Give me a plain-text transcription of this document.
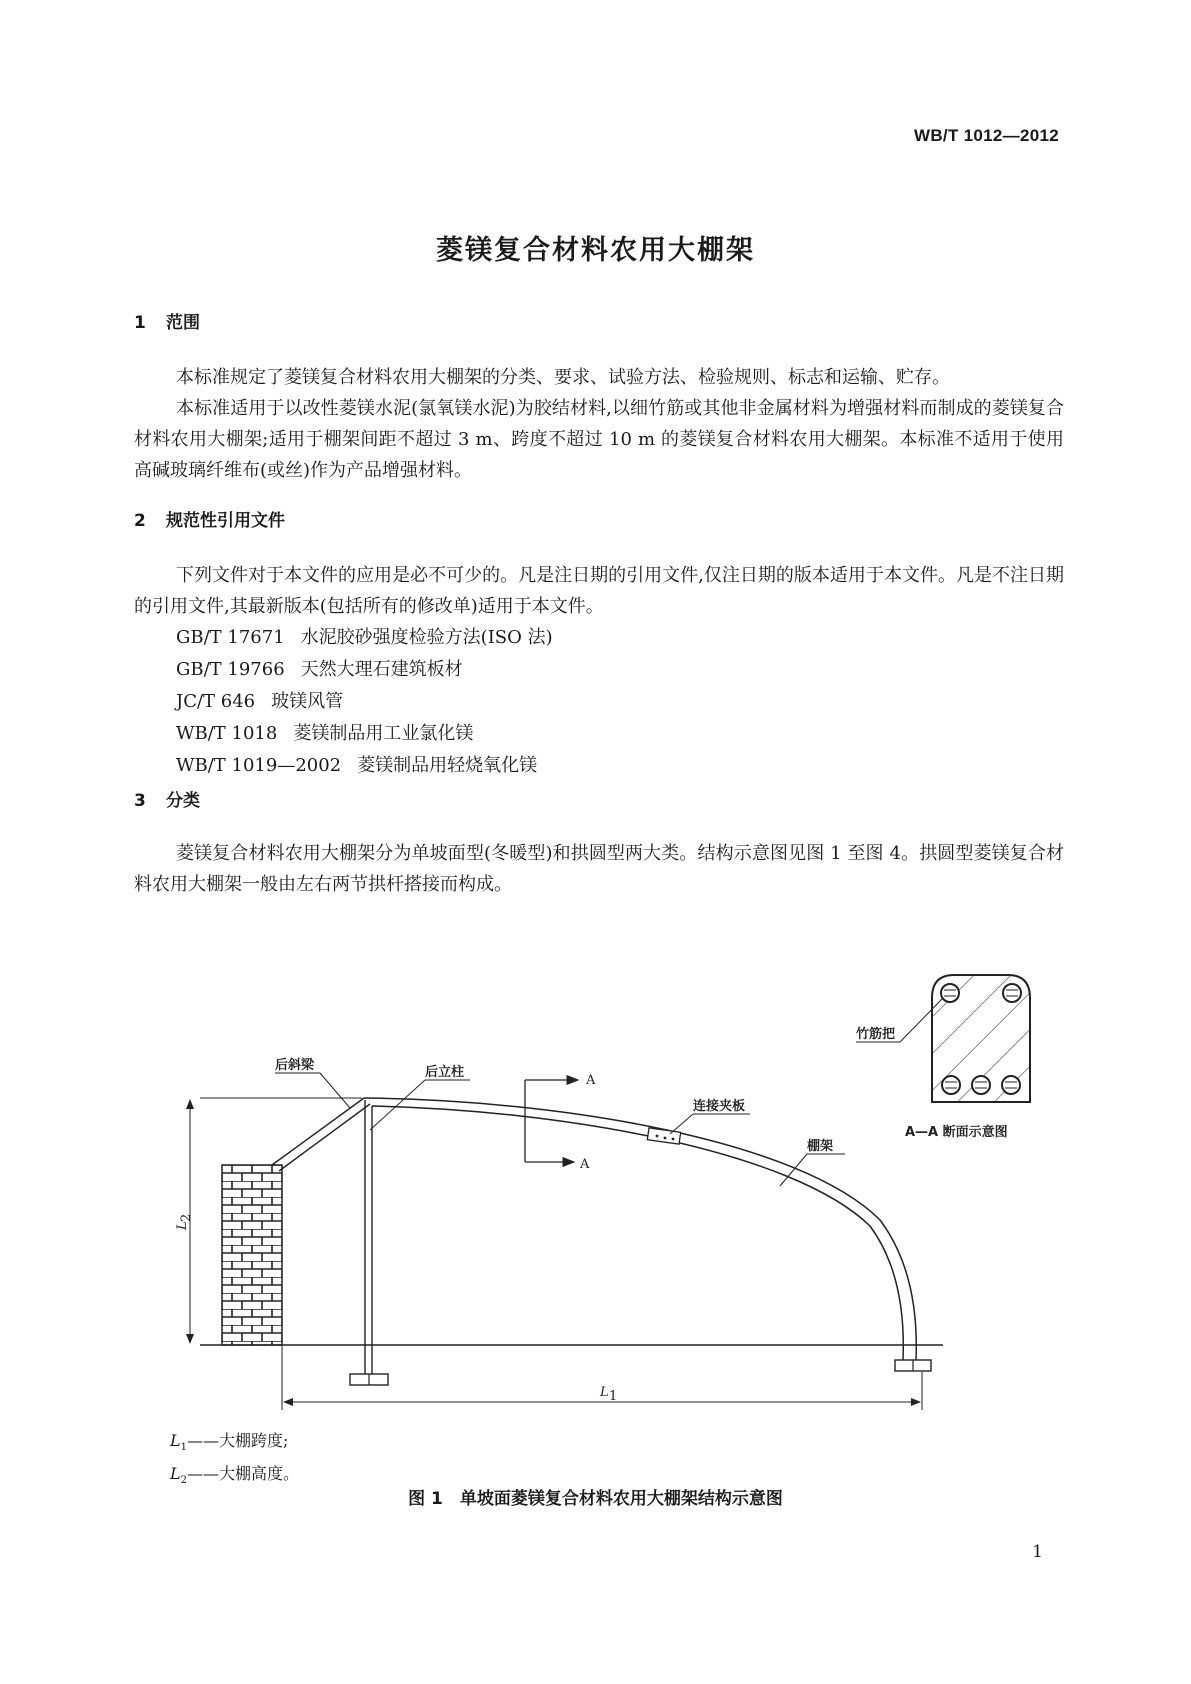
WB/T 1012—2012
菱镁复合材料农用大棚架
1 范围

本标准规定了菱镁复合材料农用大棚架的分类、要求、试验方法、检验规则、标志和运输、贮存。

本标准适用于以改性菱镁水泥(氯氧镁水泥)为胶结材料,以细竹筋或其他非金属材料为增强材料而制成的菱镁复合材料农用大棚架;适用于棚架间距不超过 3 m、跨度不超过 10 m 的菱镁复合材料农用大棚架。本标准不适用于使用高碱玻璃纤维布(或丝)作为产品增强材料。

2 规范性引用文件

下列文件对于本文件的应用是必不可少的。凡是注日期的引用文件,仅注日期的版本适用于本文件。凡是不注日期的引用文件,其最新版本(包括所有的修改单)适用于本文件。

GB/T 17671 水泥胶砂强度检验方法(ISO 法)
GB/T 19766 天然大理石建筑板材
JC/T 646 玻镁风管
WB/T 1018 菱镁制品用工业氯化镁
WB/T 1019—2002 菱镁制品用轻烧氧化镁
3 分类

菱镁复合材料农用大棚架分为单坡面型(冬暖型)和拱圆型两大类。结构示意图见图 1 至图 4。拱圆型菱镁复合材料农用大棚架一般由左右两节拱杆搭接而构成。

A
A
L
2
L 1
后斜梁	后立柱
连接夹板
棚架
竹筋把
A—A 断面示意图
$L_1——$大棚跨度;
$L_2——$大棚高度。
图 1　单坡面菱镁复合材料农用大棚架结构示意图
1
